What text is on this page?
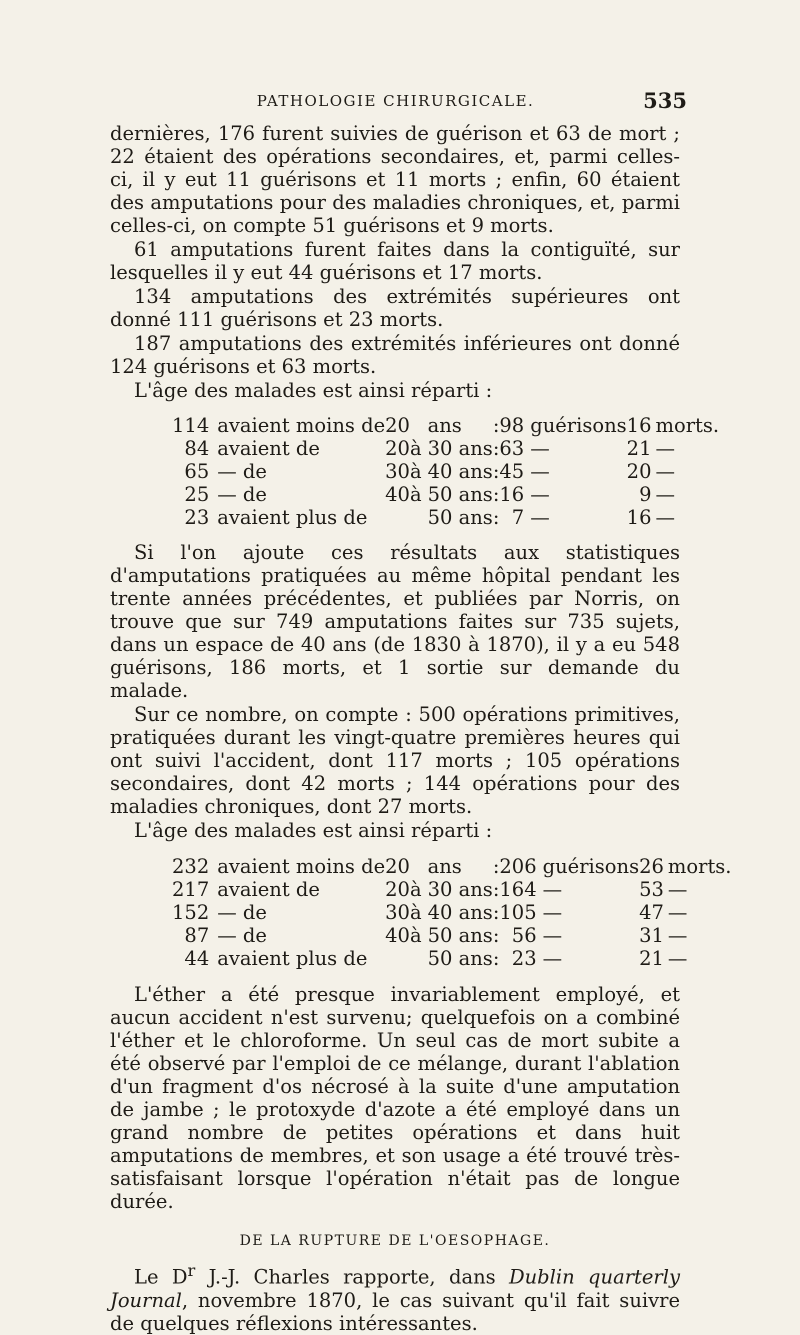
PATHOLOGIE CHIRURGICALE.	535

dernières, 176 furent suivies de guérison et 63 de mort ; 22 étaient des opérations secondaires, et, parmi celles-ci, il y eut 11 guérisons et 11 morts ; enfin, 60 étaient des amputations pour des maladies chroniques, et, parmi celles-ci, on compte 51 guérisons et 9 morts.

61 amputations furent faites dans la contiguïté, sur lesquelles il y eut 44 guérisons et 17 morts.

134 amputations des extrémités supérieures ont donné 111 guérisons et 23 morts.

187 amputations des extrémités inférieures ont donné 124 guérisons et 63 morts.

L'âge des malades est ainsi réparti :

114	avaient moins de	20		ans	:	98	guérisons	16	morts.
84	avaient de	20	à	30 ans	:	63	—	21	—
65	— de	30	à	40 ans	:	45	—	20	—
25	— de	40	à	50 ans	:	16	—	9	—
23	avaient plus de			50 ans	:	7	—	16	—

Si l'on ajoute ces résultats aux statistiques d'amputations pratiquées au même hôpital pendant les trente années précédentes, et publiées par Norris, on trouve que sur 749 amputations faites sur 735 sujets, dans un espace de 40 ans (de 1830 à 1870), il y a eu 548 guérisons, 186 morts, et 1 sortie sur demande du malade.

Sur ce nombre, on compte : 500 opérations primitives, pratiquées durant les vingt-quatre premières heures qui ont suivi l'accident, dont 117 morts ; 105 opérations secondaires, dont 42 morts ; 144 opérations pour des maladies chroniques, dont 27 morts.

L'âge des malades est ainsi réparti :

232	avaient moins de	20		ans	:	206	guérisons	26	morts.
217	avaient de	20	à	30 ans	:	164	—	53	—
152	— de	30	à	40 ans	:	105	—	47	—
87	— de	40	à	50 ans	:	56	—	31	—
44	avaient plus de			50 ans	:	23	—	21	—

L'éther a été presque invariablement employé, et aucun accident n'est survenu; quelquefois on a combiné l'éther et le chloroforme. Un seul cas de mort subite a été observé par l'emploi de ce mélange, durant l'ablation d'un fragment d'os nécrosé à la suite d'une amputation de jambe ; le protoxyde d'azote a été employé dans un grand nombre de petites opérations et dans huit amputations de membres, et son usage a été trouvé très-satisfaisant lorsque l'opération n'était pas de longue durée.

DE LA RUPTURE DE L'OESOPHAGE.

Le $D^r$ J.-J. Charles rapporte, dans Dublin quarterly Journal, novembre 1870, le cas suivant qu'il fait suivre de quelques réflexions intéressantes.
